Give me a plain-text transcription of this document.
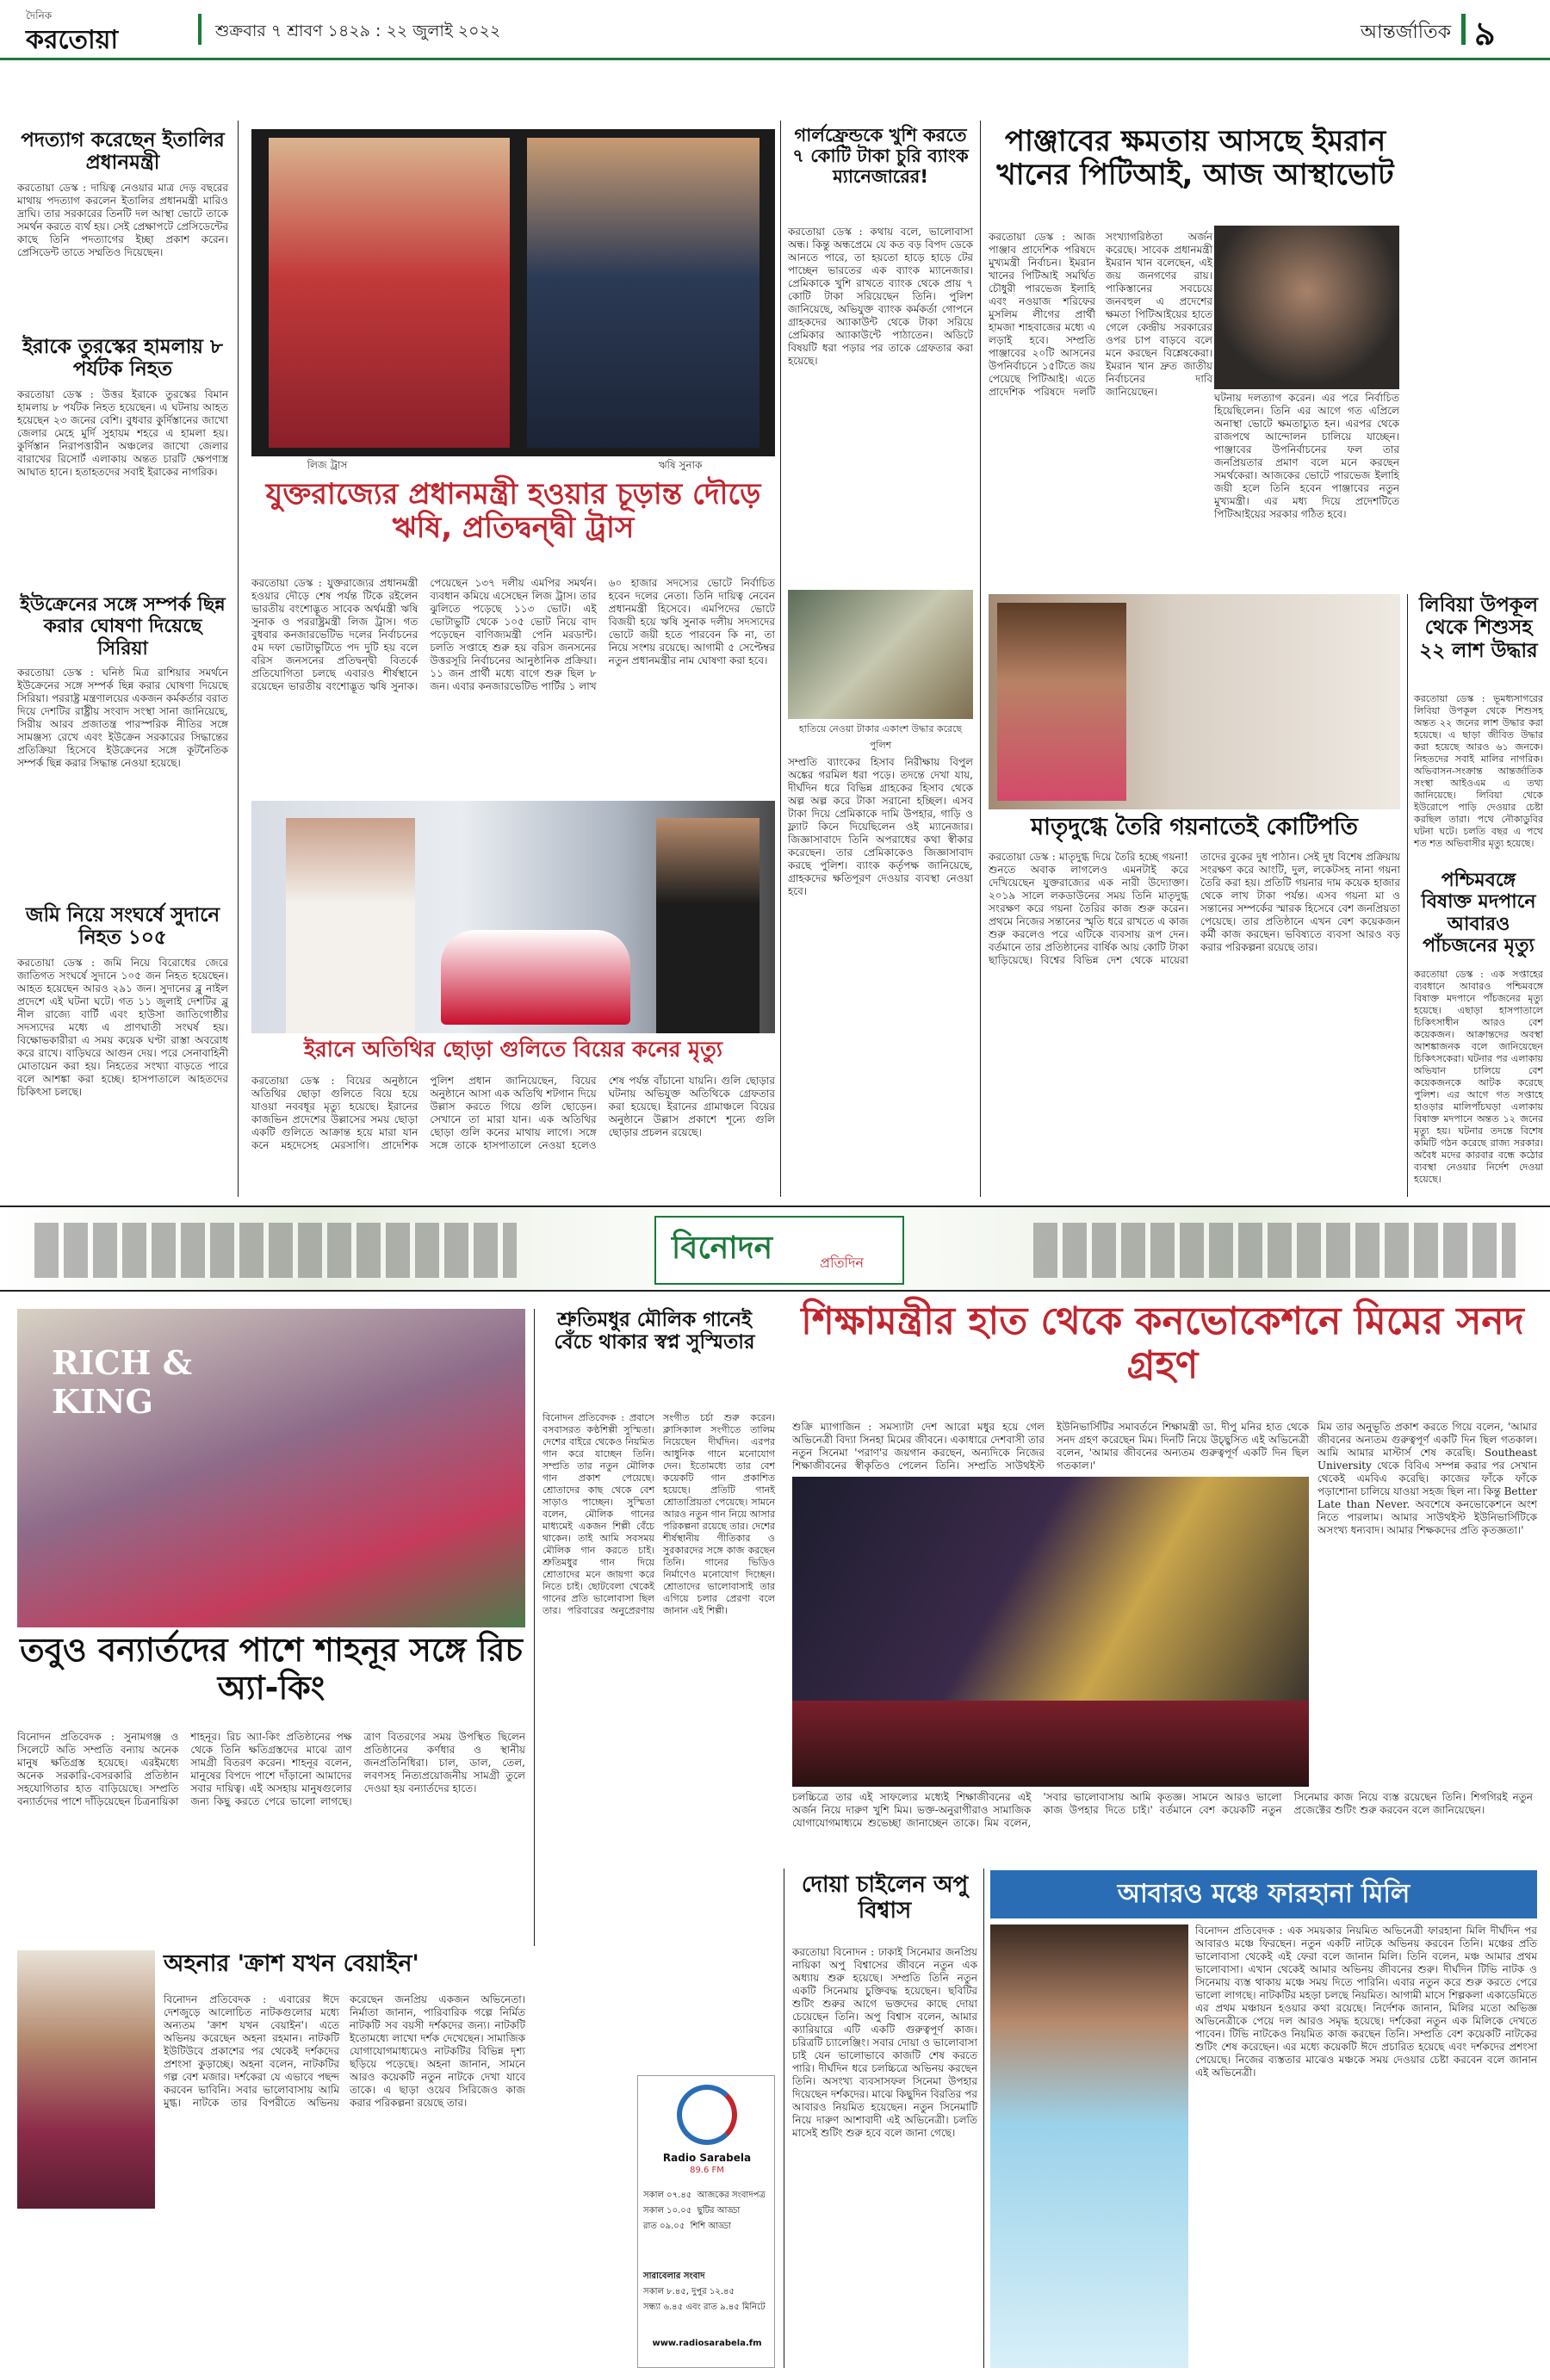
দৈনিক
করতোয়া	শুক্রবার ৭ শ্রাবণ ১৪২৯ : ২২ জুলাই ২০২২	আন্তর্জাতিক ৯
পদত্যাগ করেছেন ইতালির প্রধানমন্ত্রী
করতোয়া ডেস্ক : দায়িত্ব নেওয়ার মাত্র দেড় বছরের মাথায় পদত্যাগ করলেন ইতালির প্রধানমন্ত্রী মারিও দ্রাঘি। তার সরকারের তিনটি দল আস্থা ভোটে তাকে সমর্থন করতে ব্যর্থ হয়। সেই প্রেক্ষাপটে প্রেসিডেন্টের কাছে তিনি পদত্যাগের ইচ্ছা প্রকাশ করেন। প্রেসিডেন্ট তাতে সম্মতিও দিয়েছেন।
ইরাকে তুরস্কের হামলায় ৮ পর্যটক নিহত
করতোয়া ডেস্ক : উত্তর ইরাকে তুরস্কের বিমান হামলায় ৮ পর্যটক নিহত হয়েছেন। এ ঘটনায় আহত হয়েছেন ২৩ জনের বেশি। বুধবার কুর্দিস্তানের জাখো জেলার মেহে মুর্দি সুহায়ম শহরে এ হামলা হয়। কুর্দিস্তান নিরাপত্তারীন অঞ্চলের জাখো জেলার বারাখের রিসোর্ট এলাকায় অন্তত চারটি ক্ষেপণাস্ত্র আঘাত হানে। হতাহতদের সবাই ইরাকের নাগরিক।
ইউক্রেনের সঙ্গে সম্পর্ক ছিন্ন করার ঘোষণা দিয়েছে সিরিয়া
করতোয়া ডেস্ক : ঘনিষ্ঠ মিত্র রাশিয়ার সমর্থনে ইউক্রেনের সঙ্গে সম্পর্ক ছিন্ন করার ঘোষণা দিয়েছে সিরিয়া। পররাষ্ট্র মন্ত্রণালয়ের একজন কর্মকর্তার বরাত দিয়ে দেশটির রাষ্ট্রীয় সংবাদ সংস্থা সানা জানিয়েছে, সিরীয় আরব প্রজাতন্ত্র পারস্পরিক নীতির সঙ্গে সামঞ্জস্য রেখে এবং ইউক্রেন সরকারের সিদ্ধান্তের প্রতিক্রিয়া হিসেবে ইউক্রেনের সঙ্গে কূটনৈতিক সম্পর্ক ছিন্ন করার সিদ্ধান্ত নেওয়া হয়েছে।
জমি নিয়ে সংঘর্ষে সুদানে নিহত ১০৫
করতোয়া ডেস্ক : জমি নিয়ে বিরোধের জেরে জাতিগত সংঘর্ষে সুদানে ১০৫ জন নিহত হয়েছেন। আহত হয়েছেন আরও ২৯১ জন। সুদানের ব্লু নাইল প্রদেশে এই ঘটনা ঘটে। গত ১১ জুলাই দেশটির ব্লু নীল রাজ্যে বার্টি এবং হাউসা জাতিগোষ্ঠীর সদস্যদের মধ্যে এ প্রাণঘাতী সংঘর্ষ হয়। বিক্ষোভকারীরা এ সময় কয়েক ঘণ্টা রাস্তা অবরোধ করে রাখে। বাড়িঘরে আগুন দেয়। পরে সেনাবাহিনী মোতায়েন করা হয়। নিহতের সংখ্যা বাড়তে পারে বলে আশঙ্কা করা হচ্ছে। হাসপাতালে আহতদের চিকিৎসা চলছে।
লিজ ট্রাস	ঋষি সুনাক
যুক্তরাজ্যের প্রধানমন্ত্রী হওয়ার চূড়ান্ত দৌড়ে ঋষি, প্রতিদ্বন্দ্বী ট্রাস
করতোয়া ডেস্ক : যুক্তরাজ্যের প্রধানমন্ত্রী হওয়ার দৌড়ে শেষ পর্যন্ত টিকে রইলেন ভারতীয় বংশোদ্ভূত সাবেক অর্থমন্ত্রী ঋষি সুনাক ও পররাষ্ট্রমন্ত্রী লিজ ট্রাস। গত বুধবার কনজারভেটিভ দলের নির্বাচনের ৫ম দফা ভোটাভুটিতে পদ দুটি হয় বলে বরিস জনসনের প্রতিদ্বন্দ্বী বিতর্কে প্রতিযোগিতা চলছে এবারও শীর্ষস্থানে রয়েছেন ভারতীয় বংশোদ্ভূত ঋষি সুনাক। পেয়েছেন ১৩৭ দলীয় এমপির সমর্থন। ব্যবধান কমিয়ে এসেছেন লিজ ট্রাস। তার ঝুলিতে পড়েছে ১১৩ ভোট। এই ভোটাভুটি থেকে ১০৫ ভোট নিয়ে বাদ পড়েছেন বাণিজ্যমন্ত্রী পেনি মরডান্ট। চলতি সপ্তাহে শুরু হয় বরিস জনসনের উত্তরসূরি নির্বাচনের আনুষ্ঠানিক প্রক্রিয়া। ১১ জন প্রার্থী মধ্যে বাগে শুরু ছিল ৮ জন। এবার কনজারভেটিভ পার্টির ১ লাখ ৬০ হাজার সদস্যের ভোটে নির্বাচিত হবেন দলের নেতা। তিনি দায়িত্ব নেবেন প্রধানমন্ত্রী হিসেবে। এমপিদের ভোটে বিজয়ী হয়ে ঋষি সুনাক দলীয় সদস্যদের ভোটে জয়ী হতে পারবেন কি না, তা নিয়ে সংশয় রয়েছে। আগামী ৫ সেপ্টেম্বর নতুন প্রধানমন্ত্রীর নাম ঘোষণা করা হবে।
ইরানে অতিথির ছোড়া গুলিতে বিয়ের কনের মৃত্যু
করতোয়া ডেস্ক : বিয়ের অনুষ্ঠানে অতিথির ছোড়া গুলিতে বিয়ে হয়ে যাওয়া নববধূর মৃত্যু হয়েছে। ইরানের কাজভিন প্রদেশের উল্লাসের সময় ছোড়া একটি গুলিতে আক্রান্ত হয়ে মারা যান কনে মহদেসেহ মেরসাগি। প্রাদেশিক পুলিশ প্রধান জানিয়েছেন, বিয়ের অনুষ্ঠানে আসা এক অতিথি শটগান দিয়ে উল্লাস করতে গিয়ে গুলি ছোড়েন। সেখানে তা মারা যান। এক অতিথির ছোড়া গুলি কনের মাথায় লাগে। সঙ্গে সঙ্গে তাকে হাসপাতালে নেওয়া হলেও শেষ পর্যন্ত বাঁচানো যায়নি। গুলি ছোড়ার ঘটনায় অভিযুক্ত অতিথিকে গ্রেফতার করা হয়েছে। ইরানের গ্রামাঞ্চলে বিয়ের অনুষ্ঠানে উল্লাস প্রকাশে শূন্যে গুলি ছোড়ার প্রচলন রয়েছে।
গার্লফ্রেন্ডকে খুশি করতে ৭ কোটি টাকা চুরি ব্যাংক ম্যানেজারের!
করতোয়া ডেস্ক : কথায় বলে, ভালোবাসা অন্ধ। কিন্তু অন্ধপ্রেমে যে কত বড় বিপদ ডেকে আনতে পারে, তা হয়তো হাড়ে হাড়ে টের পাচ্ছেন ভারতের এক ব্যাংক ম্যানেজার। প্রেমিকাকে খুশি রাখতে ব্যাংক থেকে প্রায় ৭ কোটি টাকা সরিয়েছেন তিনি। পুলিশ জানিয়েছে, অভিযুক্ত ব্যাংক কর্মকর্তা গোপনে গ্রাহকদের অ্যাকাউন্ট থেকে টাকা সরিয়ে প্রেমিকার অ্যাকাউন্টে পাঠাতেন। অডিটে বিষয়টি ধরা পড়ার পর তাকে গ্রেফতার করা হয়েছে।
হাতিয়ে নেওয়া টাকার একাংশ উদ্ধার করেছে পুলিশ
সম্প্রতি ব্যাংকের হিসাব নিরীক্ষায় বিপুল অঙ্কের গরমিল ধরা পড়ে। তদন্তে দেখা যায়, দীর্ঘদিন ধরে বিভিন্ন গ্রাহকের হিসাব থেকে অল্প অল্প করে টাকা সরানো হচ্ছিল। এসব টাকা দিয়ে প্রেমিকাকে দামি উপহার, গাড়ি ও ফ্ল্যাট কিনে দিয়েছিলেন ওই ম্যানেজার। জিজ্ঞাসাবাদে তিনি অপরাধের কথা স্বীকার করেছেন। তার প্রেমিকাকেও জিজ্ঞাসাবাদ করছে পুলিশ। ব্যাংক কর্তৃপক্ষ জানিয়েছে, গ্রাহকদের ক্ষতিপূরণ দেওয়ার ব্যবস্থা নেওয়া হবে।
পাঞ্জাবের ক্ষমতায় আসছে ইমরান খানের পিটিআই, আজ আস্থাভোট
করতোয়া ডেস্ক : আজ পাঞ্জাব প্রাদেশিক পরিষদে মুখ্যমন্ত্রী নির্বাচন। ইমরান খানের পিটিআই সমর্থিত চৌধুরী পারভেজ ইলাহি এবং নওয়াজ শরিফের মুসলিম লীগের প্রার্থী হামজা শাহবাজের মধ্যে এ লড়াই হবে। সম্প্রতি পাঞ্জাবের ২০টি আসনের উপনির্বাচনে ১৫টিতে জয় পেয়েছে পিটিআই। এতে প্রাদেশিক পরিষদে দলটি সংখ্যাগরিষ্ঠতা অর্জন করেছে। সাবেক প্রধানমন্ত্রী ইমরান খান বলেছেন, এই জয় জনগণের রায়। পাকিস্তানের সবচেয়ে জনবহুল এ প্রদেশের ক্ষমতা পিটিআইয়ের হাতে গেলে কেন্দ্রীয় সরকারের ওপর চাপ বাড়বে বলে মনে করছেন বিশ্লেষকেরা। ইমরান খান দ্রুত জাতীয় নির্বাচনের দাবি জানিয়েছেন।	ঘটনায় দলত্যাগ করেন। এর পরে নির্বাচিত হিয়েছিলেন। তিনি এর আগে গত এপ্রিলে অনাস্থা ভোটে ক্ষমতাচ্যুত হন। এরপর থেকে রাজপথে আন্দোলন চালিয়ে যাচ্ছেন। পাঞ্জাবের উপনির্বাচনের ফল তার জনপ্রিয়তার প্রমাণ বলে মনে করছেন সমর্থকেরা। আজকের ভোটে পারভেজ ইলাহি জয়ী হলে তিনি হবেন পাঞ্জাবের নতুন মুখ্যমন্ত্রী। এর মধ্য দিয়ে প্রদেশটিতে পিটিআইয়ের সরকার গঠিত হবে।
মাতৃদুগ্ধে তৈরি গয়নাতেই কোটিপতি
করতোয়া ডেস্ক : মাতৃদুগ্ধ দিয়ে তৈরি হচ্ছে গয়না! শুনতে অবাক লাগলেও এমনটাই করে দেখিয়েছেন যুক্তরাজ্যের এক নারী উদ্যোক্তা। ২০১৯ সালে লকডাউনের সময় তিনি মাতৃদুগ্ধ সংরক্ষণ করে গয়না তৈরির কাজ শুরু করেন। প্রথমে নিজের সন্তানের স্মৃতি ধরে রাখতে এ কাজ শুরু করলেও পরে এটিকে ব্যবসায় রূপ দেন। বর্তমানে তার প্রতিষ্ঠানের বার্ষিক আয় কোটি টাকা ছাড়িয়েছে। বিশ্বের বিভিন্ন দেশ থেকে মায়েরা তাদের বুকের দুধ পাঠান। সেই দুধ বিশেষ প্রক্রিয়ায় সংরক্ষণ করে আংটি, দুল, লকেটসহ নানা গয়না তৈরি করা হয়। প্রতিটি গয়নার দাম কয়েক হাজার থেকে লাখ টাকা পর্যন্ত। এসব গয়না মা ও সন্তানের সম্পর্কের স্মারক হিসেবে বেশ জনপ্রিয়তা পেয়েছে। তার প্রতিষ্ঠানে এখন বেশ কয়েকজন কর্মী কাজ করছেন। ভবিষ্যতে ব্যবসা আরও বড় করার পরিকল্পনা রয়েছে তার।
লিবিয়া উপকূল থেকে শিশুসহ ২২ লাশ উদ্ধার
করতোয়া ডেস্ক : ভূমধ্যসাগরের লিবিয়া উপকূল থেকে শিশুসহ অন্তত ২২ জনের লাশ উদ্ধার করা হয়েছে। এ ছাড়া জীবিত উদ্ধার করা হয়েছে আরও ৬১ জনকে। নিহতদের সবাই মালির নাগরিক। অভিবাসন-সংক্রান্ত আন্তর্জাতিক সংস্থা আইওএম এ তথ্য জানিয়েছে। লিবিয়া থেকে ইউরোপে পাড়ি দেওয়ার চেষ্টা করছিল তারা। পথে নৌকাডুবির ঘটনা ঘটে। চলতি বছর এ পথে শত শত অভিবাসীর মৃত্যু হয়েছে।
পশ্চিমবঙ্গে বিষাক্ত মদপানে আবারও পাঁচজনের মৃত্যু
করতোয়া ডেস্ক : এক সপ্তাহের ব্যবধানে আবারও পশ্চিমবঙ্গে বিষাক্ত মদপানে পাঁচজনের মৃত্যু হয়েছে। এছাড়া হাসপাতালে চিকিৎসাধীন আরও বেশ কয়েকজন। আক্রান্তদের অবস্থা আশঙ্কাজনক বলে জানিয়েছেন চিকিৎসকেরা। ঘটনার পর এলাকায় অভিযান চালিয়ে বেশ কয়েকজনকে আটক করেছে পুলিশ। এর আগে গত সপ্তাহে হাওড়ার মালিপাঁচঘড়া এলাকায় বিষাক্ত মদপানে অন্তত ১২ জনের মৃত্যু হয়। ঘটনার তদন্তে বিশেষ কমিটি গঠন করেছে রাজ্য সরকার। অবৈধ মদের কারবার বন্ধে কঠোর ব্যবস্থা নেওয়ার নির্দেশ দেওয়া হয়েছে।
বিনোদন	প্রতিদিন
RICH & KING
তবুও বন্যার্তদের পাশে শাহনূর সঙ্গে রিচ অ্যা-কিং
বিনোদন প্রতিবেদক : সুনামগঞ্জ ও সিলেটে অতি সম্প্রতি বন্যায় অনেক মানুষ ক্ষতিগ্রস্ত হয়েছে। এরইমধ্যে অনেক সরকারি-বেসরকারি প্রতিষ্ঠান সহযোগিতার হাত বাড়িয়েছে। সম্প্রতি বন্যার্তদের পাশে দাঁড়িয়েছেন চিত্রনায়িকা শাহনূর। রিচ অ্যা-কিং প্রতিষ্ঠানের পক্ষ থেকে তিনি ক্ষতিগ্রস্তদের মাঝে ত্রাণ সামগ্রী বিতরণ করেন। শাহনূর বলেন, মানুষের বিপদে পাশে দাঁড়ানো আমাদের সবার দায়িত্ব। এই অসহায় মানুষগুলোর জন্য কিছু করতে পেরে ভালো লাগছে। ত্রাণ বিতরণের সময় উপস্থিত ছিলেন প্রতিষ্ঠানের কর্ণধার ও স্থানীয় জনপ্রতিনিধিরা। চাল, ডাল, তেল, লবণসহ নিত্যপ্রয়োজনীয় সামগ্রী তুলে দেওয়া হয় বন্যার্তদের হাতে।
শ্রুতিমধুর মৌলিক গানেই বেঁচে থাকার স্বপ্ন সুস্মিতার
বিনোদন প্রতিবেদক : প্রবাসে বসবাসরত কণ্ঠশিল্পী সুস্মিতা। দেশের বাইরে থেকেও নিয়মিত গান করে যাচ্ছেন তিনি। সম্প্রতি তার নতুন মৌলিক গান প্রকাশ পেয়েছে। শ্রোতাদের কাছ থেকে বেশ সাড়াও পাচ্ছেন। সুস্মিতা বলেন, মৌলিক গানের মাধ্যমেই একজন শিল্পী বেঁচে থাকেন। তাই আমি সবসময় মৌলিক গান করতে চাই। শ্রুতিমধুর গান দিয়ে শ্রোতাদের মনে জায়গা করে নিতে চাই। ছোটবেলা থেকেই গানের প্রতি ভালোবাসা ছিল তার। পরিবারের অনুপ্রেরণায় সংগীত চর্চা শুরু করেন। ক্লাসিক্যাল সংগীতে তালিম নিয়েছেন দীর্ঘদিন। এরপর আধুনিক গানে মনোযোগ দেন। ইতোমধ্যে তার বেশ কয়েকটি গান প্রকাশিত হয়েছে। প্রতিটি গানই শ্রোতাপ্রিয়তা পেয়েছে। সামনে আরও নতুন গান নিয়ে আসার পরিকল্পনা রয়েছে তার। দেশের শীর্ষস্থানীয় গীতিকার ও সুরকারদের সঙ্গে কাজ করছেন তিনি। গানের ভিডিও নির্মাণেও মনোযোগ দিচ্ছেন। শ্রোতাদের ভালোবাসাই তার এগিয়ে চলার প্রেরণা বলে জানান এই শিল্পী।
শিক্ষামন্ত্রীর হাত থেকে কনভোকেশনে মিমের সনদ গ্রহণ
শুক্রি ম্যাগাজিন : সমস্যাটা দেশ আরো মধুর হয়ে গেল অভিনেত্রী বিদ্যা সিনহা মিমের জীবনে। একাধারে দেশবাসী তার নতুন সিনেমা 'পরাণ'র জয়গান করছেন, অন্যদিকে নিজের শিক্ষাজীবনের স্বীকৃতিও পেলেন তিনি। সম্প্রতি সাউথইস্ট ইউনিভার্সিটির সমাবর্তনে শিক্ষামন্ত্রী ডা. দীপু মনির হাত থেকে সনদ গ্রহণ করেছেন মিম। দিনটি নিয়ে উচ্ছ্বসিত এই অভিনেত্রী বলেন, 'আমার জীবনের অন্যতম গুরুত্বপূর্ণ একটি দিন ছিল গতকাল।'
মিম তার অনুভূতি প্রকাশ করতে গিয়ে বলেন, 'আমার জীবনের অন্যতম গুরুত্বপূর্ণ একটি দিন ছিল গতকাল। আমি আমার মাস্টার্স শেষ করেছি। Southeast University থেকে বিবিএ সম্পন্ন করার পর সেখান থেকেই এমবিএ করেছি। কাজের ফাঁকে ফাঁকে পড়াশোনা চালিয়ে যাওয়া সহজ ছিল না। কিন্তু Better Late than Never. অবশেষে কনভোকেশনে অংশ নিতে পারলাম। আমার সাউথইস্ট ইউনিভার্সিটিকে অসংখ্য ধন্যবাদ। আমার শিক্ষকদের প্রতি কৃতজ্ঞতা।'
চলচ্চিত্রে তার এই সাফল্যের মধ্যেই শিক্ষাজীবনের এই অর্জন নিয়ে দারুণ খুশি মিম। ভক্ত-অনুরাগীরাও সামাজিক যোগাযোগমাধ্যমে শুভেচ্ছা জানাচ্ছেন তাকে। মিম বলেন, 'সবার ভালোবাসায় আমি কৃতজ্ঞ। সামনে আরও ভালো কাজ উপহার দিতে চাই।' বর্তমানে বেশ কয়েকটি নতুন সিনেমার কাজ নিয়ে ব্যস্ত রয়েছেন তিনি। শিগগিরই নতুন প্রজেক্টের শুটিং শুরু করবেন বলে জানিয়েছেন।
অহনার 'ক্রাশ যখন বেয়াইন'
বিনোদন প্রতিবেদক : এবারের ঈদে দেশজুড়ে আলোচিত নাটকগুলোর মধ্যে অন্যতম 'ক্রাশ যখন বেয়াইন'। এতে অভিনয় করেছেন অহনা রহমান। নাটকটি ইউটিউবে প্রকাশের পর থেকেই দর্শকদের প্রশংসা কুড়াচ্ছে। অহনা বলেন, নাটকটির গল্প বেশ মজার। দর্শকেরা যে এভাবে পছন্দ করবেন ভাবিনি। সবার ভালোবাসায় আমি মুগ্ধ। নাটকে তার বিপরীতে অভিনয় করেছেন জনপ্রিয় একজন অভিনেতা। নির্মাতা জানান, পারিবারিক গল্পে নির্মিত নাটকটি সব বয়সী দর্শকদের জন্য। নাটকটি ইতোমধ্যে লাখো দর্শক দেখেছেন। সামাজিক যোগাযোগমাধ্যমেও নাটকটির বিভিন্ন দৃশ্য ছড়িয়ে পড়েছে। অহনা জানান, সামনে আরও কয়েকটি নতুন নাটকে দেখা যাবে তাকে। এ ছাড়া ওয়েব সিরিজেও কাজ করার পরিকল্পনা রয়েছে তার।
Radio Sarabela
89.6 FM
সকাল ০৭.৪৫ আজকের সংবাদপত্র
সকাল ১০.০৫ ছুটির আড্ডা
রাত ০৯.০৫ শিশি আড্ডা
সারাবেলার সংবাদ
সকাল ৮.৪৫, দুপুর ১২.৪৫
সন্ধ্যা ৬.৪৫ এবং রাত ৯.৪৫ মিনিটে
www.radiosarabela.fm
দোয়া চাইলেন অপু বিশ্বাস
করতোয়া বিনোদন : ঢাকাই সিনেমার জনপ্রিয় নায়িকা অপু বিশ্বাসের জীবনে নতুন এক অধ্যায় শুরু হয়েছে। সম্প্রতি তিনি নতুন একটি সিনেমায় চুক্তিবদ্ধ হয়েছেন। ছবিটির শুটিং শুরুর আগে ভক্তদের কাছে দোয়া চেয়েছেন তিনি। অপু বিশ্বাস বলেন, আমার ক্যারিয়ারে এটি একটি গুরুত্বপূর্ণ কাজ। চরিত্রটি চ্যালেঞ্জিং। সবার দোয়া ও ভালোবাসা চাই যেন ভালোভাবে কাজটি শেষ করতে পারি। দীর্ঘদিন ধরে চলচ্চিত্রে অভিনয় করছেন তিনি। অসংখ্য ব্যবসাসফল সিনেমা উপহার দিয়েছেন দর্শকদের। মাঝে কিছুদিন বিরতির পর আবারও নিয়মিত হয়েছেন। নতুন সিনেমাটি নিয়ে দারুণ আশাবাদী এই অভিনেত্রী। চলতি মাসেই শুটিং শুরু হবে বলে জানা গেছে।
আবারও মঞ্চে ফারহানা মিলি
বিনোদন প্রতিবেদক : এক সময়কার নিয়মিত অভিনেত্রী ফারহানা মিলি দীর্ঘদিন পর আবারও মঞ্চে ফিরছেন। নতুন একটি নাটকে অভিনয় করবেন তিনি। মঞ্চের প্রতি ভালোবাসা থেকেই এই ফেরা বলে জানান মিলি। তিনি বলেন, মঞ্চ আমার প্রথম ভালোবাসা। এখান থেকেই আমার অভিনয় জীবনের শুরু। দীর্ঘদিন টিভি নাটক ও সিনেমায় ব্যস্ত থাকায় মঞ্চে সময় দিতে পারিনি। এবার নতুন করে শুরু করতে পেরে ভালো লাগছে। নাটকটির মহড়া চলছে নিয়মিত। আগামী মাসে শিল্পকলা একাডেমিতে এর প্রথম মঞ্চায়ন হওয়ার কথা রয়েছে। নির্দেশক জানান, মিলির মতো অভিজ্ঞ অভিনেত্রীকে পেয়ে দল আরও সমৃদ্ধ হয়েছে। দর্শকেরা নতুন এক মিলিকে দেখতে পাবেন। টিভি নাটকেও নিয়মিত কাজ করছেন তিনি। সম্প্রতি বেশ কয়েকটি নাটকের শুটিং শেষ করেছেন। এর মধ্যে কয়েকটি ঈদে প্রচারিত হয়েছে এবং দর্শকদের প্রশংসা পেয়েছে। নিজের ব্যস্ততার মাঝেও মঞ্চকে সময় দেওয়ার চেষ্টা করবেন বলে জানান এই অভিনেত্রী।
